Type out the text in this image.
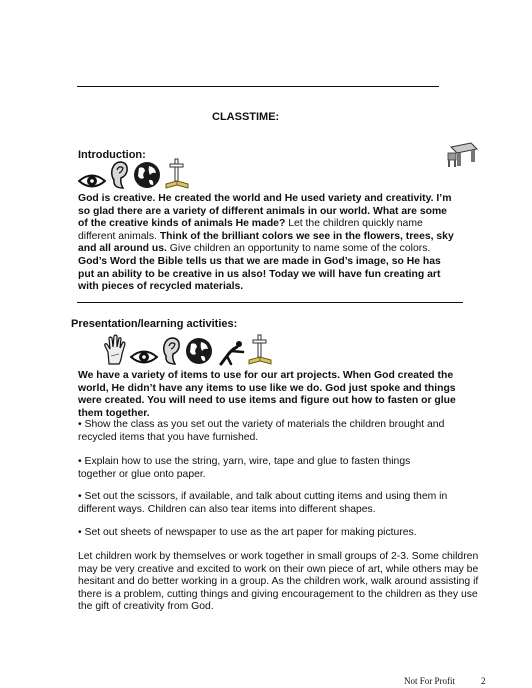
CLASSTIME:
Introduction:
God is creative. He created the world and He used variety and creativity. I’m so glad there are a variety of different animals in our world. What are some of the creative kinds of animals He made? Let the children quickly name different animals. Think of the brilliant colors we see in the flowers, trees, sky and all around us. Give children an opportunity to name some of the colors. God’s Word the Bible tells us that we are made in God’s image, so He has put an ability to be creative in us also! Today we will have fun creating art with pieces of recycled materials.
Presentation/learning activities:
We have a variety of items to use for our art projects. When God created the world, He didn’t have any items to use like we do. God just spoke and things were created. You will need to use items and figure out how to fasten or glue them together.
• Show the class as you set out the variety of materials the children brought and recycled items that you have furnished.
• Explain how to use the string, yarn, wire, tape and glue to fasten things together or glue onto paper.
• Set out the scissors, if available, and talk about cutting items and using them in different ways. Children can also tear items into different shapes.
• Set out sheets of newspaper to use as the art paper for making pictures.
Let children work by themselves or work together in small groups of 2-3. Some children may be very creative and excited to work on their own piece of art, while others may be hesitant and do better working in a group. As the children work, walk around assisting if there is a problem, cutting things and giving encouragement to the children as they use the gift of creativity from God.
Not For Profit	2
